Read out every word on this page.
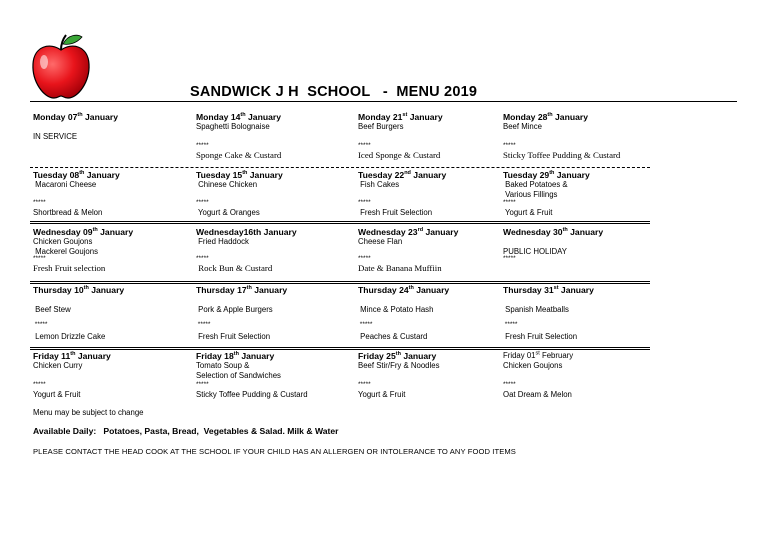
SANDWICK J H  SCHOOL   -  MENU 2019
Monday 07th January

IN SERVICE
Monday 14th January
Spaghetti Bolognaise
*****
Sponge Cake & Custard
Monday 21st January
Beef Burgers
*****
Iced Sponge & Custard
Monday 28th January
Beef Mince
*****
Sticky Toffee Pudding & Custard
Tuesday 08th January
Macaroni Cheese
*****
Shortbread & Melon
Tuesday 15th January
Chinese Chicken
*****
Yogurt & Oranges
Tuesday 22nd January
Fish Cakes
*****
Fresh Fruit Selection
Tuesday 29th January
Baked Potatoes &
Various Fillings
*****
Yogurt & Fruit
Wednesday 09th January
Chicken Goujons
Mackerel Goujons
*****
Fresh Fruit selection
Wednesday16th January
Fried Haddock
*****
Rock Bun & Custard
Wednesday 23rd January
Cheese Flan
*****
Date & Banana Muffiin
Wednesday 30th January

PUBLIC HOLIDAY
*****
Thursday 10th January

Beef Stew
*****
Lemon Drizzle Cake
Thursday 17th January

Pork & Apple Burgers
*****
Fresh Fruit Selection
Thursday 24th January

Mince & Potato Hash
*****
Peaches & Custard
Thursday 31st January

Spanish Meatballs
*****
Fresh Fruit Selection
Friday 11th January
Chicken Curry
*****
Yogurt & Fruit
Friday 18th January
Tomato Soup &
Selection of Sandwiches
*****
Sticky Toffee Pudding & Custard
Friday 25th January
Beef Stir/Fry & Noodles
*****
Yogurt & Fruit
Friday 01st February
Chicken Goujons
*****
Oat Dream & Melon
Menu may be subject to change
Available Daily:   Potatoes, Pasta, Bread,  Vegetables & Salad. Milk & Water
PLEASE CONTACT THE HEAD COOK AT THE SCHOOL IF YOUR CHILD HAS AN ALLERGEN OR INTOLERANCE TO ANY FOOD ITEMS
